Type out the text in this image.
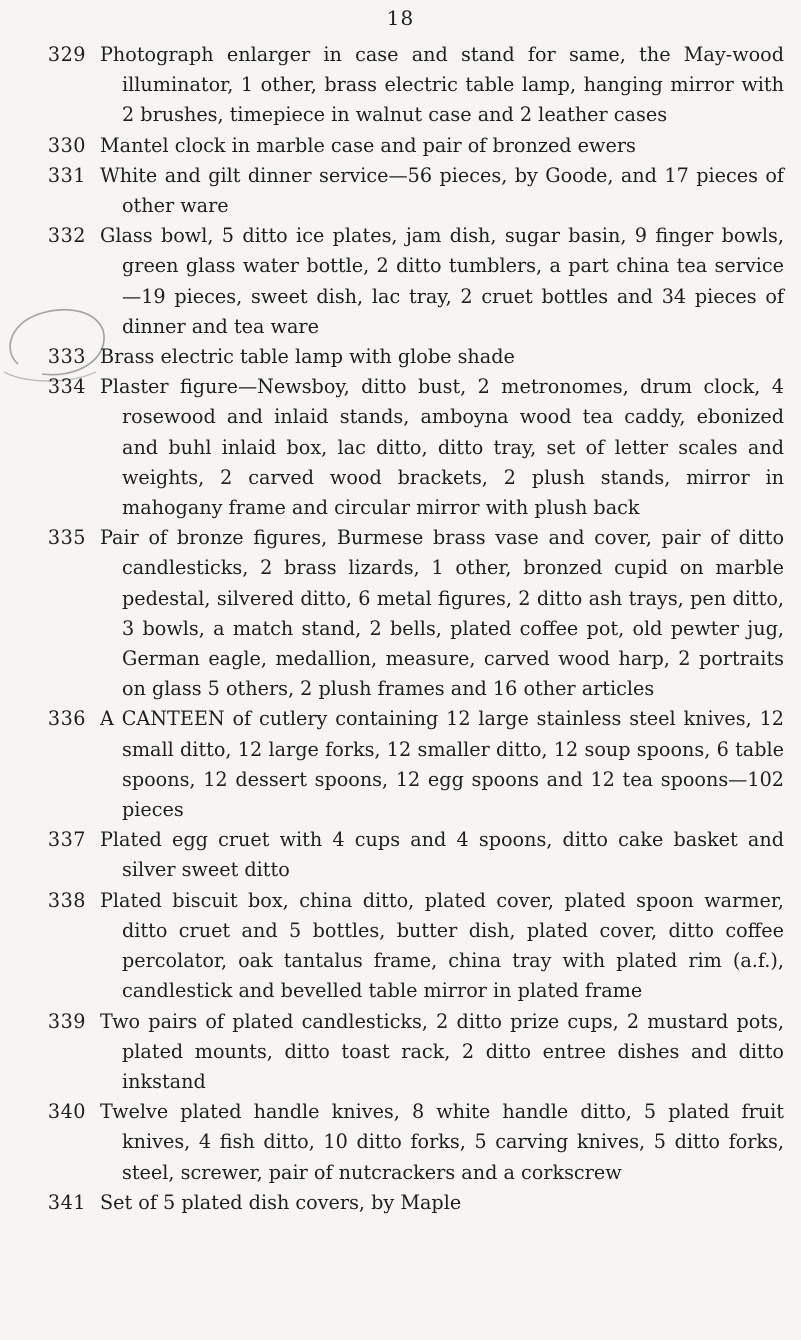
18
329 Photograph enlarger in case and stand for same, the May-wood illuminator, 1 other, brass electric table lamp, hanging mirror with 2 brushes, timepiece in walnut case and 2 leather cases
330 Mantel clock in marble case and pair of bronzed ewers
331 White and gilt dinner service—56 pieces, by Goode, and 17 pieces of other ware
332 Glass bowl, 5 ditto ice plates, jam dish, sugar basin, 9 finger bowls, green glass water bottle, 2 ditto tumblers, a part china tea service—19 pieces, sweet dish, lac tray, 2 cruet bottles and 34 pieces of dinner and tea ware
333 Brass electric table lamp with globe shade
334 Plaster figure—Newsboy, ditto bust, 2 metronomes, drum clock, 4 rosewood and inlaid stands, amboyna wood tea caddy, ebonized and buhl inlaid box, lac ditto, ditto tray, set of letter scales and weights, 2 carved wood brackets, 2 plush stands, mirror in mahogany frame and circular mirror with plush back
335 Pair of bronze figures, Burmese brass vase and cover, pair of ditto candlesticks, 2 brass lizards, 1 other, bronzed cupid on marble pedestal, silvered ditto, 6 metal figures, 2 ditto ash trays, pen ditto, 3 bowls, a match stand, 2 bells, plated coffee pot, old pewter jug, German eagle, medallion, measure, carved wood harp, 2 portraits on glass 5 others, 2 plush frames and 16 other articles
336 A CANTEEN of cutlery containing 12 large stainless steel knives, 12 small ditto, 12 large forks, 12 smaller ditto, 12 soup spoons, 6 table spoons, 12 dessert spoons, 12 egg spoons and 12 tea spoons—102 pieces
337 Plated egg cruet with 4 cups and 4 spoons, ditto cake basket and silver sweet ditto
338 Plated biscuit box, china ditto, plated cover, plated spoon warmer, ditto cruet and 5 bottles, butter dish, plated cover, ditto coffee percolator, oak tantalus frame, china tray with plated rim (a.f.), candlestick and bevelled table mirror in plated frame
339 Two pairs of plated candlesticks, 2 ditto prize cups, 2 mustard pots, plated mounts, ditto toast rack, 2 ditto entree dishes and ditto inkstand
340 Twelve plated handle knives, 8 white handle ditto, 5 plated fruit knives, 4 fish ditto, 10 ditto forks, 5 carving knives, 5 ditto forks, steel, screwer, pair of nutcrackers and a corkscrew
341 Set of 5 plated dish covers, by Maple
